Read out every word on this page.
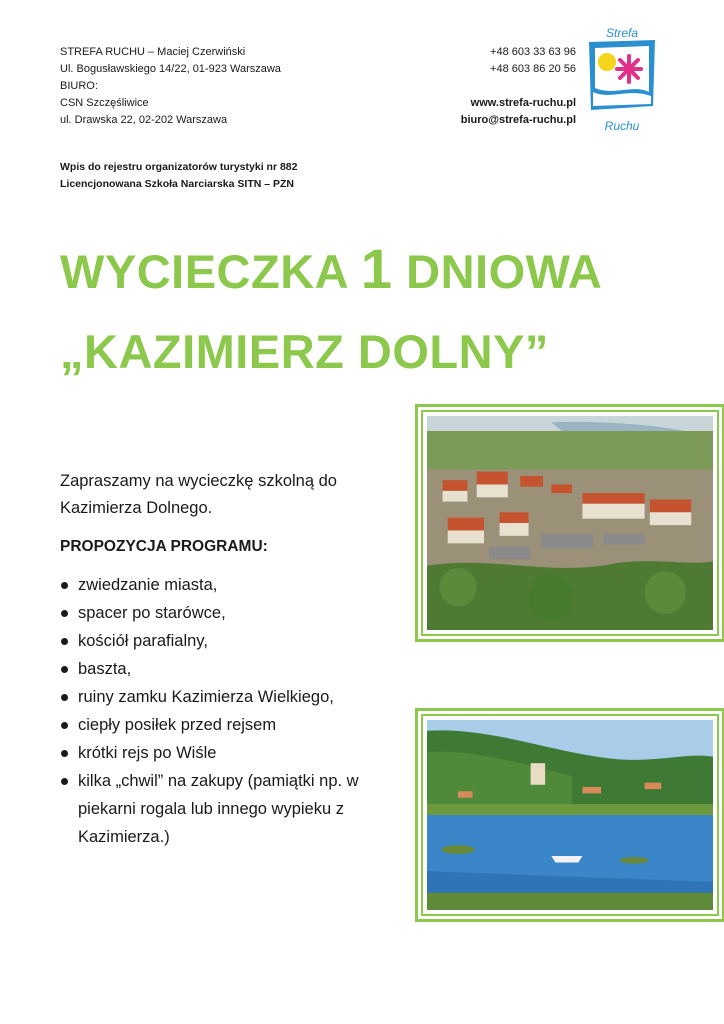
STREFA RUCHU – Maciej Czerwiński
Ul. Bogusławskiego 14/22, 01-923 Warszawa
BIURO:
CSN Szczęśliwice
ul. Drawska 22, 02-202 Warszawa
+48 603 33 63 96
+48 603 86 20 56

www.strefa-ruchu.pl
biuro@strefa-ruchu.pl
Strefa
Ruchu
Wpis do rejestru organizatorów turystyki nr 882
Licencjonowana Szkoła Narciarska SITN – PZN
WYCIECZKA 1 DNIOWA
„KAZIMIERZ DOLNY”
Zapraszamy na wycieczkę szkolną do Kazimierza Dolnego.
PROPOZYCJA PROGRAMU:
zwiedzanie miasta,
spacer po starówce,
kościół parafialny,
baszta,
ruiny zamku Kazimierza Wielkiego,
ciepły posiłek przed rejsem
krótki rejs po Wiśle
kilka „chwil” na zakupy (pamiątki np. w piekarni rogala lub innego wypieku z Kazimierza.)
